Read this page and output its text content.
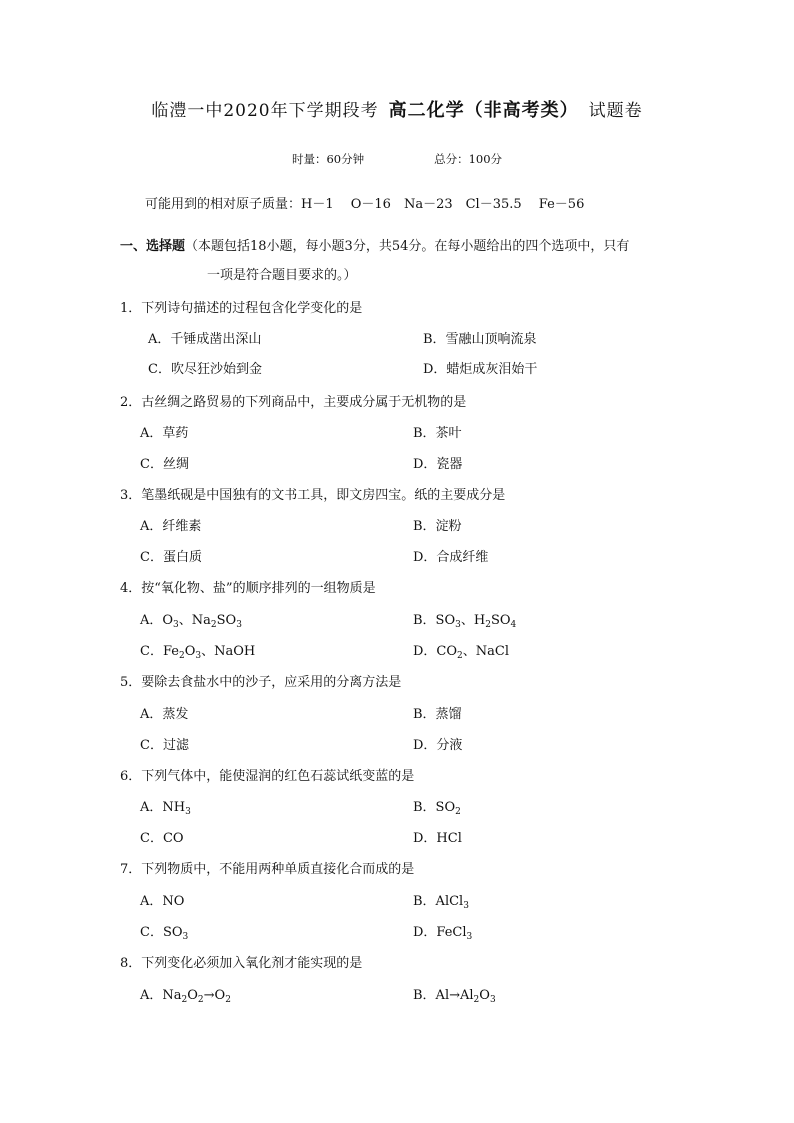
临澧一中2020年下学期段考 高二化学（非高考类） 试题卷
时量：60分钟	总分：100分
可能用到的相对原子质量：H－1　 O－16　Na－23　Cl－35.5　 Fe－56
一、选择题（本题包括18小题，每小题3分，共54分。在每小题给出的四个选项中，只有
一项是符合题目要求的。）
1．下列诗句描述的过程包含化学变化的是
A．千锤成凿出深山	B．雪融山顶响流泉
C．吹尽狂沙始到金	D．蜡炬成灰泪始干
2．古丝绸之路贸易的下列商品中，主要成分属于无机物的是
A．草药	B．茶叶
C．丝绸	D．瓷器
3．笔墨纸砚是中国独有的文书工具，即文房四宝。纸的主要成分是
A．纤维素	B．淀粉
C．蛋白质	D．合成纤维
4．按“氧化物、盐”的顺序排列的一组物质是
A．$O_3$、$Na_2SO_3$	B．$SO_3$、$H_2SO_4$
C．$Fe_2O_3$、NaOH	D．$CO_2$、NaCl
5．要除去食盐水中的沙子，应采用的分离方法是
A．蒸发	B．蒸馏
C．过滤	D．分液
6．下列气体中，能使湿润的红色石蕊试纸变蓝的是
A．$NH_3$	B．$SO_2$
C．CO	D．HCl
7．下列物质中，不能用两种单质直接化合而成的是
A．NO	B．AlCl$_3$
C．$SO_3$	D．FeCl$_3$
8．下列变化必须加入氧化剂才能实现的是
A．$Na_2O_2\to O_2$	B．$Al\to Al_2O_3$
